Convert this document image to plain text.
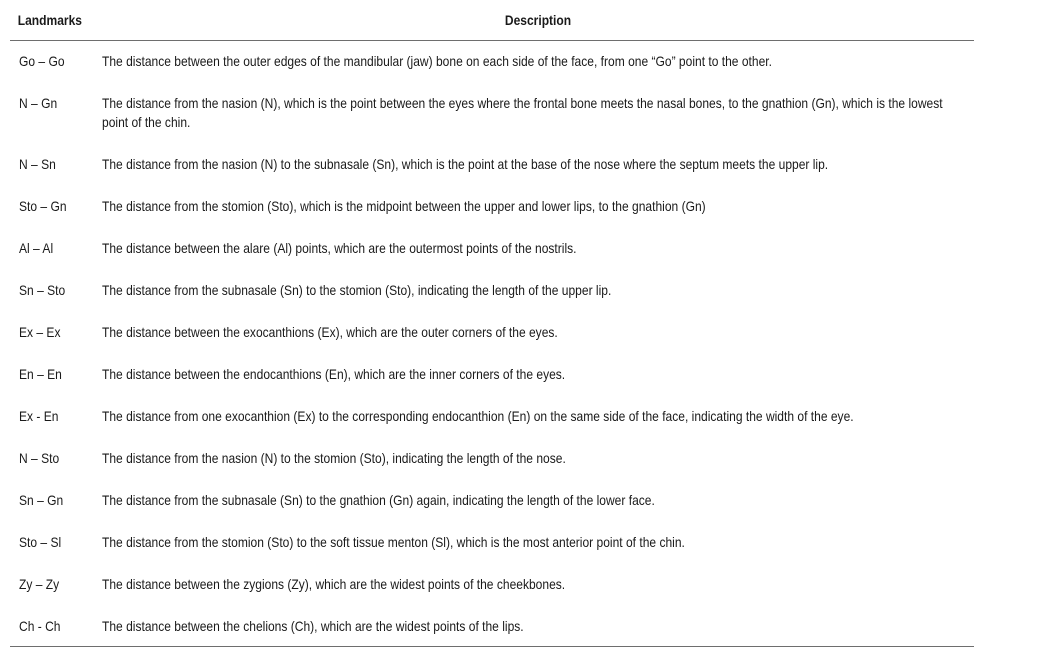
Landmarks	Description
Go – Go	The distance between the outer edges of the mandibular (jaw) bone on each side of the face, from one “Go” point to the other.
N – Gn	The distance from the nasion (N), which is the point between the eyes where the frontal bone meets the nasal bones, to the gnathion (Gn), which is the lowest point of the chin.
N – Sn	The distance from the nasion (N) to the subnasale (Sn), which is the point at the base of the nose where the septum meets the upper lip.
Sto – Gn	The distance from the stomion (Sto), which is the midpoint between the upper and lower lips, to the gnathion (Gn)
Al – Al	The distance between the alare (Al) points, which are the outermost points of the nostrils.
Sn – Sto	The distance from the subnasale (Sn) to the stomion (Sto), indicating the length of the upper lip.
Ex – Ex	The distance between the exocanthions (Ex), which are the outer corners of the eyes.
En – En	The distance between the endocanthions (En), which are the inner corners of the eyes.
Ex - En	The distance from one exocanthion (Ex) to the corresponding endocanthion (En) on the same side of the face, indicating the width of the eye.
N – Sto	The distance from the nasion (N) to the stomion (Sto), indicating the length of the nose.
Sn – Gn	The distance from the subnasale (Sn) to the gnathion (Gn) again, indicating the length of the lower face.
Sto – Sl	The distance from the stomion (Sto) to the soft tissue menton (Sl), which is the most anterior point of the chin.
Zy – Zy	The distance between the zygions (Zy), which are the widest points of the cheekbones.
Ch - Ch	The distance between the chelions (Ch), which are the widest points of the lips.
